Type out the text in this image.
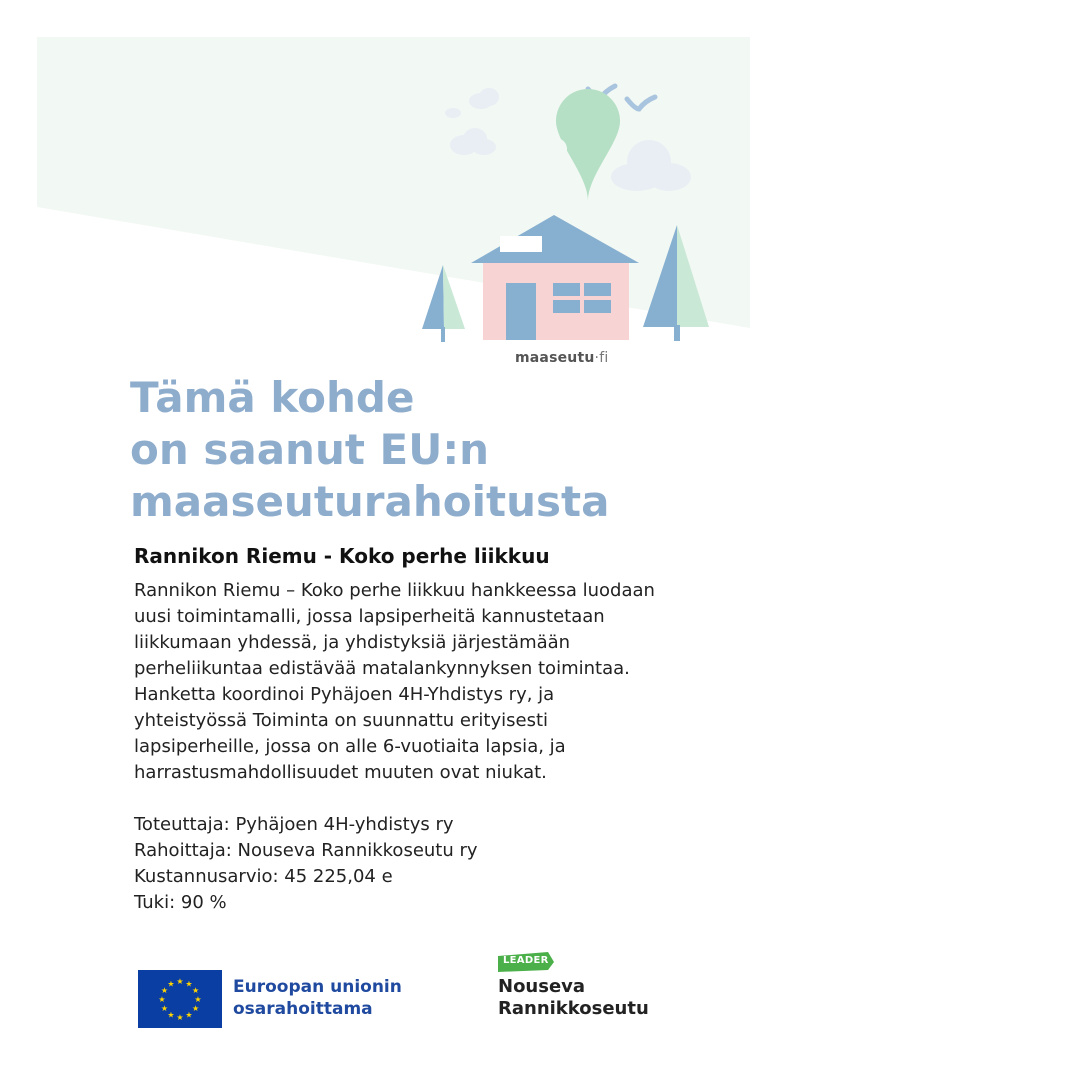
maaseutu·fi
Tämä kohde
on saanut EU:n
maaseuturahoitusta
Rannikon Riemu - Koko perhe liikkuu

Rannikon Riemu – Koko perhe liikkuu hankkeessa luodaan
uusi toimintamalli, jossa lapsiperheitä kannustetaan
liikkumaan yhdessä, ja yhdistyksiä järjestämään
perheliikuntaa edistävää matalankynnyksen toimintaa.
Hanketta koordinoi Pyhäjoen 4H-Yhdistys ry, ja
yhteistyössä Toiminta on suunnattu erityisesti
lapsiperheille, jossa on alle 6-vuotiaita lapsia, ja
harrastusmahdollisuudet muuten ovat niukat.

Toteuttaja: Pyhäjoen 4H-yhdistys ry
Rahoittaja: Nouseva Rannikkoseutu ry
Kustannusarvio: 45 225,04 e
Tuki: 90 %

★
★
★
★
★
★
★
★
★ ★ ★
★ Euroopan unionin
osarahoittama
LEADER
Nouseva
Rannikkoseutu
